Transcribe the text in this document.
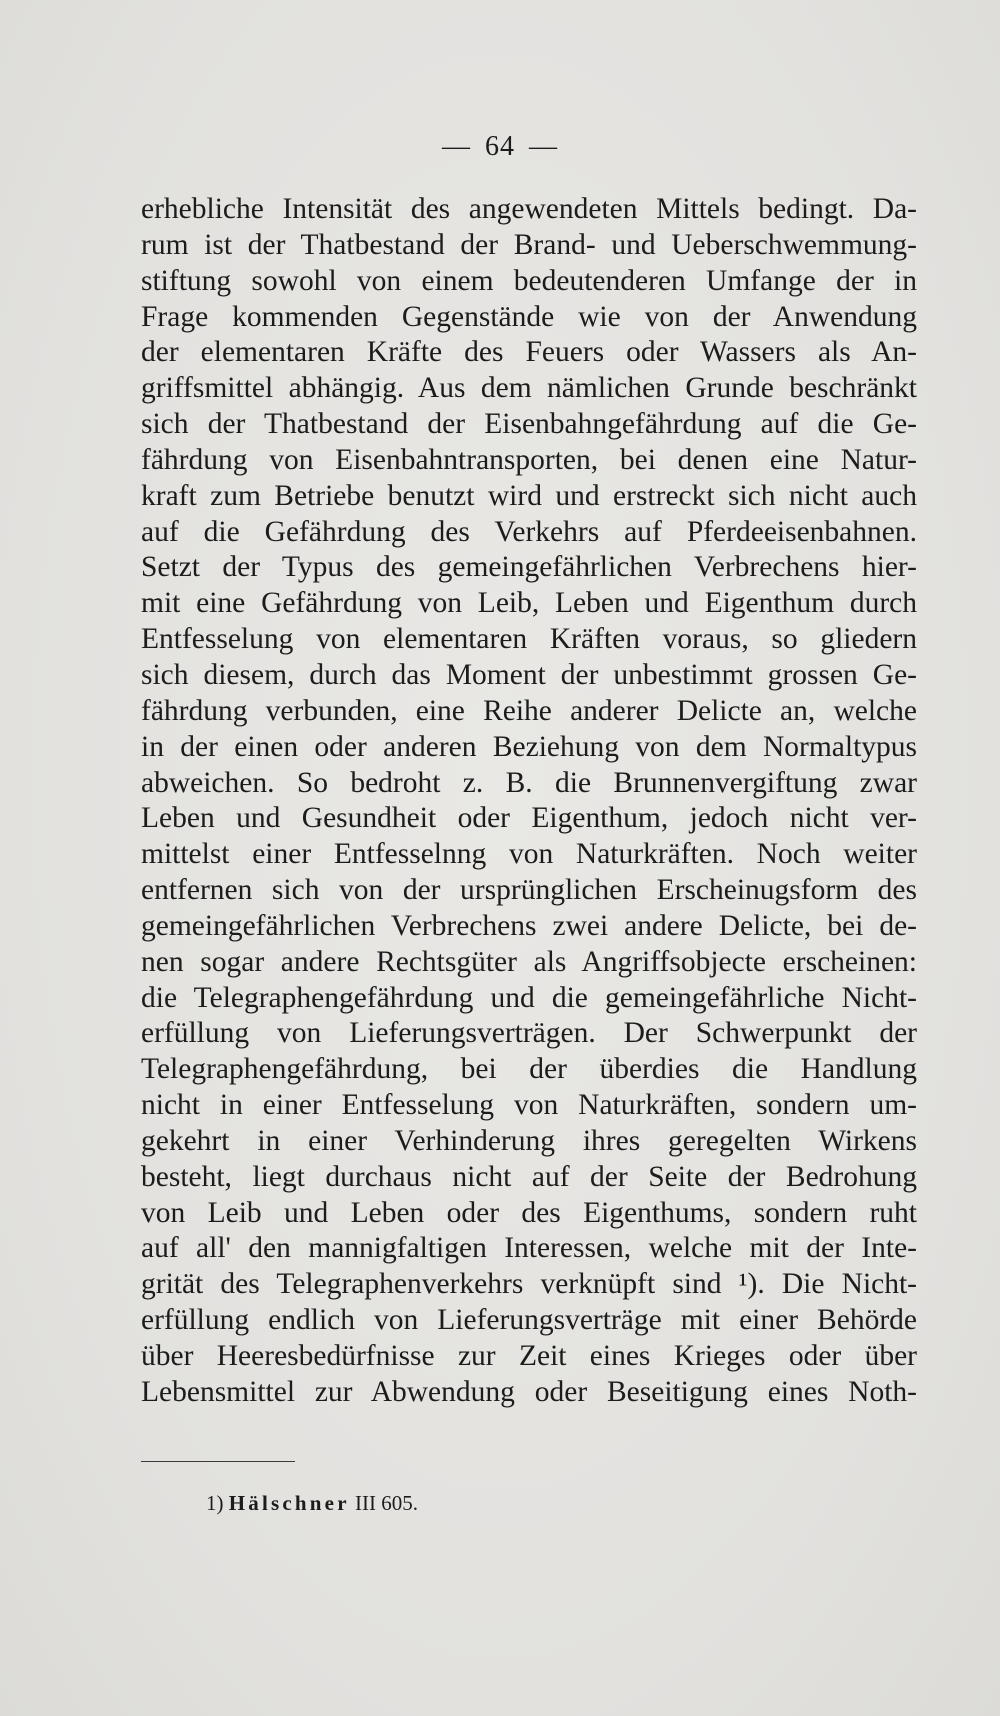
— 64 —
erhebliche Intensität des angewendeten Mittels bedingt. Da-
rum ist der Thatbestand der Brand- und Ueberschwemmung-
stiftung sowohl von einem bedeutenderen Umfange der in
Frage kommenden Gegenstände wie von der Anwendung
der elementaren Kräfte des Feuers oder Wassers als An-
griffsmittel abhängig. Aus dem nämlichen Grunde beschränkt
sich der Thatbestand der Eisenbahngefährdung auf die Ge-
fährdung von Eisenbahntransporten, bei denen eine Natur-
kraft zum Betriebe benutzt wird und erstreckt sich nicht auch
auf die Gefährdung des Verkehrs auf Pferdeeisenbahnen.
Setzt der Typus des gemeingefährlichen Verbrechens hier-
mit eine Gefährdung von Leib, Leben und Eigenthum durch
Entfesselung von elementaren Kräften voraus, so gliedern
sich diesem, durch das Moment der unbestimmt grossen Ge-
fährdung verbunden, eine Reihe anderer Delicte an, welche
in der einen oder anderen Beziehung von dem Normaltypus
abweichen. So bedroht z. B. die Brunnenvergiftung zwar
Leben und Gesundheit oder Eigenthum, jedoch nicht ver-
mittelst einer Entfesselnng von Naturkräften. Noch weiter
entfernen sich von der ursprünglichen Erscheinugsform des
gemeingefährlichen Verbrechens zwei andere Delicte, bei de-
nen sogar andere Rechtsgüter als Angriffsobjecte erscheinen:
die Telegraphengefährdung und die gemeingefährliche Nicht-
erfüllung von Lieferungsverträgen. Der Schwerpunkt der
Telegraphengefährdung, bei der überdies die Handlung
nicht in einer Entfesselung von Naturkräften, sondern um-
gekehrt in einer Verhinderung ihres geregelten Wirkens
besteht, liegt durchaus nicht auf der Seite der Bedrohung
von Leib und Leben oder des Eigenthums, sondern ruht
auf all' den mannigfaltigen Interessen, welche mit der Inte-
grität des Telegraphenverkehrs verknüpft sind ¹). Die Nicht-
erfüllung endlich von Lieferungsverträge mit einer Behörde
über Heeresbedürfnisse zur Zeit eines Krieges oder über
Lebensmittel zur Abwendung oder Beseitigung eines Noth-
1) Hälschner III 605.
